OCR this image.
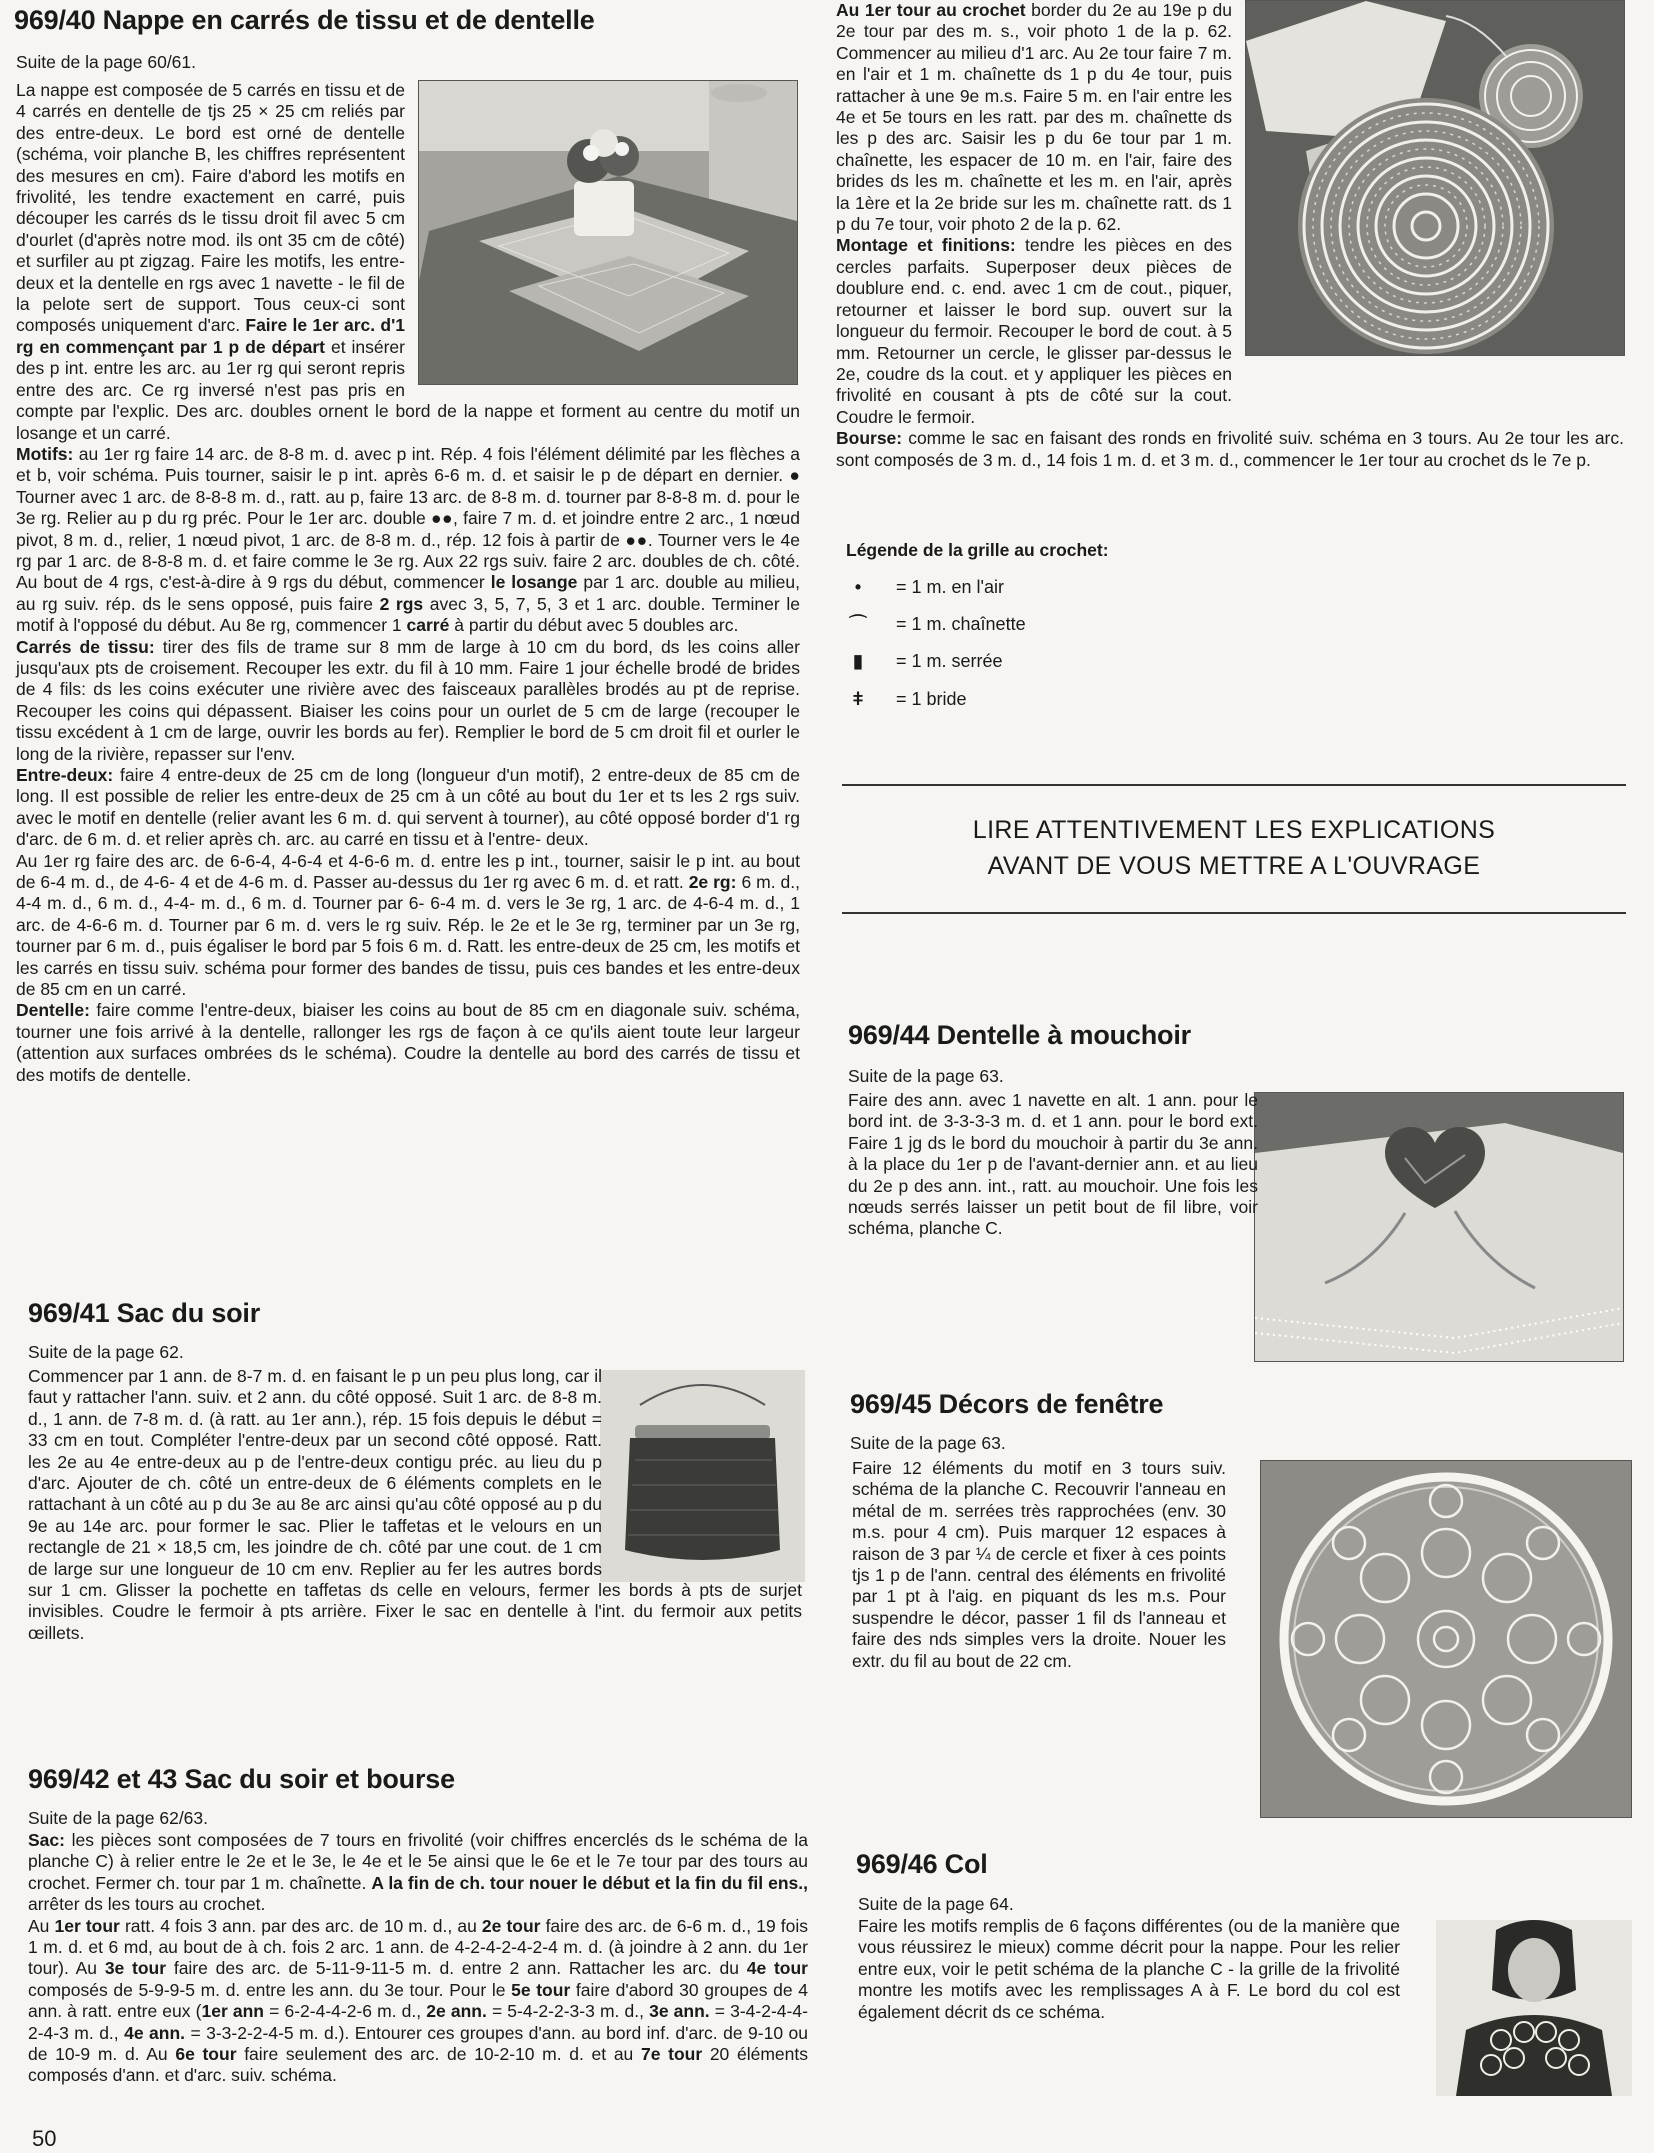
969/40 Nappe en carrés de tissu et de dentelle
Suite de la page 60/61.

La nappe est composée de 5 carrés en tissu et de 4 carrés en dentelle de tjs 25 × 25 cm reliés par des entre-deux. Le bord est orné de dentelle (schéma, voir planche B, les chiffres représentent des mesures en cm). Faire d'abord les motifs en frivolité, les tendre exactement en carré, puis découper les carrés ds le tissu droit fil avec 5 cm d'ourlet (d'après notre mod. ils ont 35 cm de côté) et surfiler au pt zigzag. Faire les motifs, les entre-deux et la dentelle en rgs avec 1 navette - le fil de la pelote sert de support. Tous ceux-ci sont composés uniquement d'arc. Faire le 1er arc. d'1 rg en commençant par 1 p de départ et insérer des p int. entre les arc. au 1er rg qui seront repris entre des arc. Ce rg inversé n'est pas pris en compte par l'explic. Des arc. doubles ornent le bord de la nappe et forment au centre du motif un losange et un carré.

Motifs: au 1er rg faire 14 arc. de 8-8 m. d. avec p int. Rép. 4 fois l'élément délimité par les flèches a et b, voir schéma. Puis tourner, saisir le p int. après 6-6 m. d. et saisir le p de départ en dernier. ● Tourner avec 1 arc. de 8-8-8 m. d., ratt. au p, faire 13 arc. de 8-8 m. d. tourner par 8-8-8 m. d. pour le 3e rg. Relier au p du rg préc. Pour le 1er arc. double ●●, faire 7 m. d. et joindre entre 2 arc., 1 nœud pivot, 8 m. d., relier, 1 nœud pivot, 1 arc. de 8-8 m. d., rép. 12 fois à partir de ●●. Tourner vers le 4e rg par 1 arc. de 8-8-8 m. d. et faire comme le 3e rg. Aux 22 rgs suiv. faire 2 arc. doubles de ch. côté. Au bout de 4 rgs, c'est-à-dire à 9 rgs du début, commencer le losange par 1 arc. double au milieu, au rg suiv. rép. ds le sens opposé, puis faire 2 rgs avec 3, 5, 7, 5, 3 et 1 arc. double. Terminer le motif à l'opposé du début. Au 8e rg, commencer 1 carré à partir du début avec 5 doubles arc.

Carrés de tissu: tirer des fils de trame sur 8 mm de large à 10 cm du bord, ds les coins aller jusqu'aux pts de croisement. Recouper les extr. du fil à 10 mm. Faire 1 jour échelle brodé de brides de 4 fils: ds les coins exécuter une rivière avec des faisceaux parallèles brodés au pt de reprise. Recouper les coins qui dépassent. Biaiser les coins pour un ourlet de 5 cm de large (recouper le tissu excédent à 1 cm de large, ouvrir les bords au fer). Remplier le bord de 5 cm droit fil et ourler le long de la rivière, repasser sur l'env.

Entre-deux: faire 4 entre-deux de 25 cm de long (longueur d'un motif), 2 entre-deux de 85 cm de long. Il est possible de relier les entre-deux de 25 cm à un côté au bout du 1er et ts les 2 rgs suiv. avec le motif en dentelle (relier avant les 6 m. d. qui servent à tourner), au côté opposé border d'1 rg d'arc. de 6 m. d. et relier après ch. arc. au carré en tissu et à l'entre- deux.

Au 1er rg faire des arc. de 6-6-4, 4-6-4 et 4-6-6 m. d. entre les p int., tourner, saisir le p int. au bout de 6-4 m. d., de 4-6- 4 et de 4-6 m. d. Passer au-dessus du 1er rg avec 6 m. d. et ratt. 2e rg: 6 m. d., 4-4 m. d., 6 m. d., 4-4- m. d., 6 m. d. Tourner par 6- 6-4 m. d. vers le 3e rg, 1 arc. de 4-6-4 m. d., 1 arc. de 4-6-6 m. d. Tourner par 6 m. d. vers le rg suiv. Rép. le 2e et le 3e rg, terminer par un 3e rg, tourner par 6 m. d., puis égaliser le bord par 5 fois 6 m. d. Ratt. les entre-deux de 25 cm, les motifs et les carrés en tissu suiv. schéma pour former des bandes de tissu, puis ces bandes et les entre-deux de 85 cm en un carré.

Dentelle: faire comme l'entre-deux, biaiser les coins au bout de 85 cm en diagonale suiv. schéma, tourner une fois arrivé à la dentelle, rallonger les rgs de façon à ce qu'ils aient toute leur largeur (attention aux surfaces ombrées ds le schéma). Coudre la dentelle au bord des carrés de tissu et des motifs de dentelle.

969/41 Sac du soir
Suite de la page 62.

Commencer par 1 ann. de 8-7 m. d. en faisant le p un peu plus long, car il faut y rattacher l'ann. suiv. et 2 ann. du côté opposé. Suit 1 arc. de 8-8 m. d., 1 ann. de 7-8 m. d. (à ratt. au 1er ann.), rép. 15 fois depuis le début = 33 cm en tout. Compléter l'entre-deux par un second côté opposé. Ratt. les 2e au 4e entre-deux au p de l'entre-deux contigu préc. au lieu du p d'arc. Ajouter de ch. côté un entre-deux de 6 éléments complets en le rattachant à un côté au p du 3e au 8e arc ainsi qu'au côté opposé au p du 9e au 14e arc. pour former le sac. Plier le taffetas et le velours en un rectangle de 21 × 18,5 cm, les joindre de ch. côté par une cout. de 1 cm de large sur une longueur de 10 cm env. Replier au fer les autres bords sur 1 cm. Glisser la pochette en taffetas ds celle en velours, fermer les bords à pts de surjet invisibles. Coudre le fermoir à pts arrière. Fixer le sac en dentelle à l'int. du fermoir aux petits œillets.

969/42 et 43 Sac du soir et bourse
Suite de la page 62/63.

Sac: les pièces sont composées de 7 tours en frivolité (voir chiffres encerclés ds le schéma de la planche C) à relier entre le 2e et le 3e, le 4e et le 5e ainsi que le 6e et le 7e tour par des tours au crochet. Fermer ch. tour par 1 m. chaînette. A la fin de ch. tour nouer le début et la fin du fil ens., arrêter ds les tours au crochet.

Au 1er tour ratt. 4 fois 3 ann. par des arc. de 10 m. d., au 2e tour faire des arc. de 6-6 m. d., 19 fois 1 m. d. et 6 md, au bout de à ch. fois 2 arc. 1 ann. de 4-2-4-2-4-2-4 m. d. (à joindre à 2 ann. du 1er tour). Au 3e tour faire des arc. de 5-11-9-11-5 m. d. entre 2 ann. Rattacher les arc. du 4e tour composés de 5-9-9-5 m. d. entre les ann. du 3e tour. Pour le 5e tour faire d'abord 30 groupes de 4 ann. à ratt. entre eux (1er ann = 6-2-4-4-2-6 m. d., 2e ann. = 5-4-2-2-3-3 m. d., 3e ann. = 3-4-2-4-4-2-4-3 m. d., 4e ann. = 3-3-2-2-4-5 m. d.). Entourer ces groupes d'ann. au bord inf. d'arc. de 9-10 ou de 10-9 m. d. Au 6e tour faire seulement des arc. de 10-2-10 m. d. et au 7e tour 20 éléments composés d'ann. et d'arc. suiv. schéma.

50

Au 1er tour au crochet border du 2e au 19e p du 2e tour par des m. s., voir photo 1 de la p. 62. Commencer au milieu d'1 arc. Au 2e tour faire 7 m. en l'air et 1 m. chaînette ds 1 p du 4e tour, puis rattacher à une 9e m.s. Faire 5 m. en l'air entre les 4e et 5e tours en les ratt. par des m. chaînette ds les p des arc. Saisir les p du 6e tour par 1 m. chaînette, les espacer de 10 m. en l'air, faire des brides ds les m. chaînette et les m. en l'air, après la 1ère et la 2e bride sur les m. chaînette ratt. ds 1 p du 7e tour, voir photo 2 de la p. 62.
Montage et finitions: tendre les pièces en des cercles parfaits. Superposer deux pièces de doublure end. c. end. avec 1 cm de cout., piquer, retourner et laisser le bord sup. ouvert sur la longueur du fermoir. Recouper le bord de cout. à 5 mm. Retourner un cercle, le glisser par-dessus le 2e, coudre ds la cout. et y appliquer les pièces en frivolité en cousant à pts de côté sur la cout. Coudre le fermoir.

Bourse: comme le sac en faisant des ronds en frivolité suiv. schéma en 3 tours. Au 2e tour les arc. sont composés de 3 m. d., 14 fois 1 m. d. et 3 m. d., commencer le 1er tour au crochet ds le 7e p.

Légende de la grille au crochet:
• = 1 m. en l'air
⌒ = 1 m. chaînette
▮ = 1 m. serrée
ǂ = 1 bride
LIRE ATTENTIVEMENT LES EXPLICATIONS
AVANT DE VOUS METTRE A L'OUVRAGE
969/44 Dentelle à mouchoir
Suite de la page 63.

Faire des ann. avec 1 navette en alt. 1 ann. pour le bord int. de 3-3-3-3 m. d. et 1 ann. pour le bord ext. Faire 1 jg ds le bord du mouchoir à partir du 3e ann. à la place du 1er p de l'avant-dernier ann. et au lieu du 2e p des ann. int., ratt. au mouchoir. Une fois les nœuds serrés laisser un petit bout de fil libre, voir schéma, planche C.

969/45 Décors de fenêtre
Suite de la page 63.

Faire 12 éléments du motif en 3 tours suiv. schéma de la planche C. Recouvrir l'anneau en métal de m. serrées très rapprochées (env. 30 m.s. pour 4 cm). Puis marquer 12 espaces à raison de 3 par ¼ de cercle et fixer à ces points tjs 1 p de l'ann. central des éléments en frivolité par 1 pt à l'aig. en piquant ds les m.s. Pour suspendre le décor, passer 1 fil ds l'anneau et faire des nds simples vers la droite. Nouer les extr. du fil au bout de 22 cm.

969/46 Col
Suite de la page 64.

Faire les motifs remplis de 6 façons différentes (ou de la manière que vous réussirez le mieux) comme décrit pour la nappe. Pour les relier entre eux, voir le petit schéma de la planche C - la grille de la frivolité montre les motifs avec les remplissages A à F. Le bord du col est également décrit ds ce schéma.
